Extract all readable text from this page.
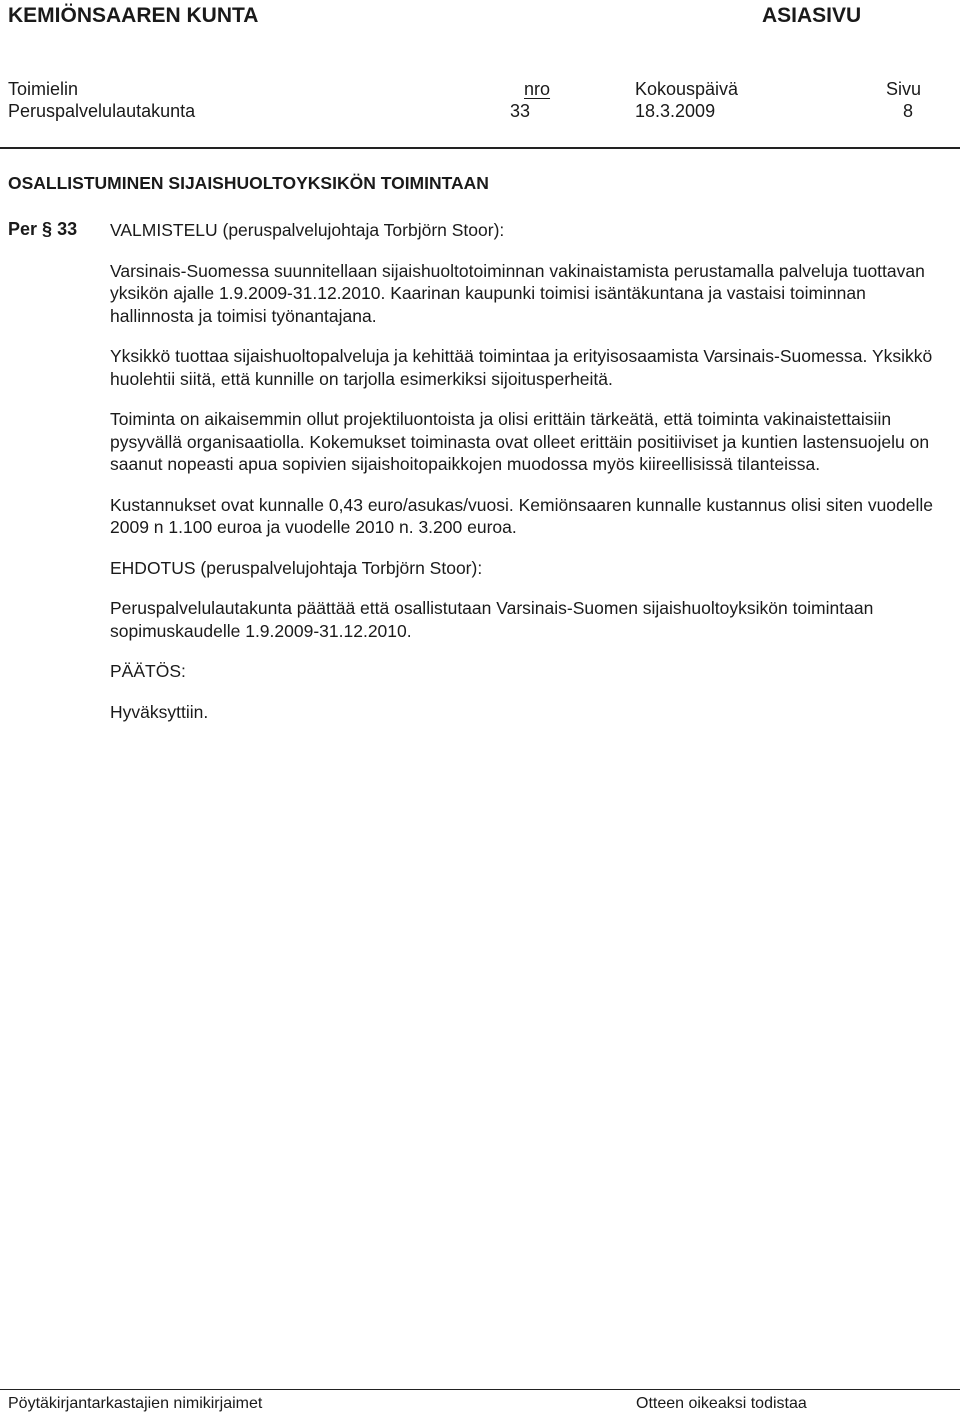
KEMIÖNSAAREN KUNTA	ASIASIVU
Toimielin	nro	Kokouspäivä	Sivu
Peruspalvelulautakunta	33	18.3.2009	8
OSALLISTUMINEN SIJAISHUOLTOYKSIKÖN TOIMINTAAN
Per § 33 VALMISTELU (peruspalvelujohtaja Torbjörn Stoor):

Varsinais-Suomessa suunnitellaan sijaishuoltotoiminnan vakinaistamista perustamalla palveluja tuottavan yksikön ajalle 1.9.2009-31.12.2010. Kaarinan kaupunki toimisi isäntäkuntana ja vastaisi toiminnan hallinnosta ja toimisi työnantajana.

Yksikkö tuottaa sijaishuoltopalveluja ja kehittää toimintaa ja erityisosaamista Varsinais-Suomessa. Yksikkö huolehtii siitä, että kunnille on tarjolla esimerkiksi sijoitusperheitä.

Toiminta on aikaisemmin ollut projektiluontoista ja olisi erittäin tärkeätä, että toiminta vakinaistettaisiin pysyvällä organisaatiolla. Kokemukset toiminasta ovat olleet erittäin positiiviset ja kuntien lastensuojelu on saanut nopeasti apua sopivien sijaishoitopaikkojen muodossa myös kiireellisissä tilanteissa.

Kustannukset ovat kunnalle 0,43 euro/asukas/vuosi. Kemiönsaaren kunnalle kustannus olisi siten vuodelle 2009 n 1.100 euroa ja vuodelle 2010 n. 3.200 euroa.

EHDOTUS (peruspalvelujohtaja Torbjörn Stoor):

Peruspalvelulautakunta päättää että osallistutaan Varsinais-Suomen sijaishuoltoyksikön toimintaan sopimuskaudelle 1.9.2009-31.12.2010.

PÄÄTÖS:

Hyväksyttiin.

Pöytäkirjantarkastajien nimikirjaimet	Otteen oikeaksi todistaa
